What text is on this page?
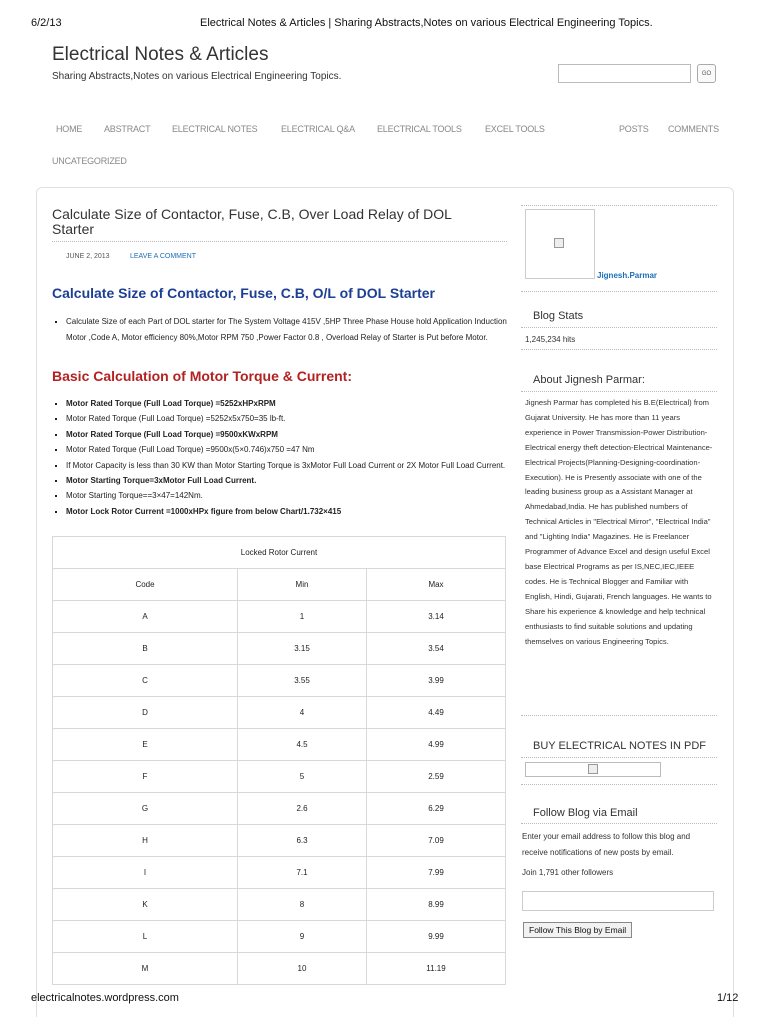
6/2/13	Electrical Notes & Articles | Sharing Abstracts,Notes on various Electrical Engineering Topics.
Electrical Notes & Articles
Sharing Abstracts,Notes on various Electrical Engineering Topics.	GO
HOME ABSTRACT ELECTRICAL NOTES	ELECTRICAL Q&A ELECTRICAL TOOLS	EXCEL TOOLS	POSTS COMMENTS
UNCATEGORIZED
Calculate Size of Contactor, Fuse, C.B, Over Load Relay of DOL Starter
JUNE 2, 2013	LEAVE A COMMENT
Calculate Size of Contactor, Fuse, C.B, O/L of DOL Starter
▪ Calculate Size of each Part of DOL starter for The System Voltage 415V ,5HP Three Phase House hold Application Induction Motor ,Code A, Motor efficiency 80%,Motor RPM 750 ,Power Factor 0.8 , Overload Relay of Starter is Put before Motor.
Basic Calculation of Motor Torque & Current:
▪ Motor Rated Torque (Full Load Torque) =5252xHPxRPM
▪ Motor Rated Torque (Full Load Torque) =5252x5x750=35 lb-ft.
▪ Motor Rated Torque (Full Load Torque) =9500xKWxRPM
▪ Motor Rated Torque (Full Load Torque) =9500x(5×0.746)x750 =47 Nm
▪ If Motor Capacity is less than 30 KW than Motor Starting Torque is 3xMotor Full Load Current or 2X Motor Full Load Current.
▪ Motor Starting Torque=3xMotor Full Load Current.
▪ Motor Starting Torque==3×47=142Nm.
▪ Motor Lock Rotor Current =1000xHPx figure from below Chart/1.732×415
Locked Rotor Current		
Code	Min	Max
A	1	3.14
B	3.15	3.54
C	3.55	3.99
D	4	4.49
E	4.5	4.99
F	5	2.59
G	2.6	6.29
H	6.3	7.09
I	7.1	7.99
K	8	8.99
L	9	9.99
M	10	11.19
Jignesh.Parmar
Blog Stats
1,245,234 hits
About Jignesh Parmar:
Jignesh Parmar has completed his B.E(Electrical) from Gujarat University. He has more than 11 years experience in Power Transmission-Power Distribution-Electrical energy theft detection-Electrical Maintenance-Electrical Projects(Planning-Designing-coordination-Execution). He is Presently associate with one of the leading business group as a Assistant Manager at Ahmedabad,India. He has published numbers of Technical Articles in "Electrical Mirror", "Electrical India" and "Lighting India" Magazines. He is Freelancer Programmer of Advance Excel and design useful Excel base Electrical Programs as per IS,NEC,IEC,IEEE codes. He is Technical Blogger and Familiar with English, Hindi, Gujarati, French languages. He wants to Share his experience & knowledge and help technical enthusiasts to find suitable solutions and updating themselves on various Engineering Topics.
BUY ELECTRICAL NOTES IN PDF
Follow Blog via Email
Enter your email address to follow this blog and receive notifications of new posts by email.
Join 1,791 other followers
Follow This Blog by Email
electricalnotes.wordpress.com	1/12
